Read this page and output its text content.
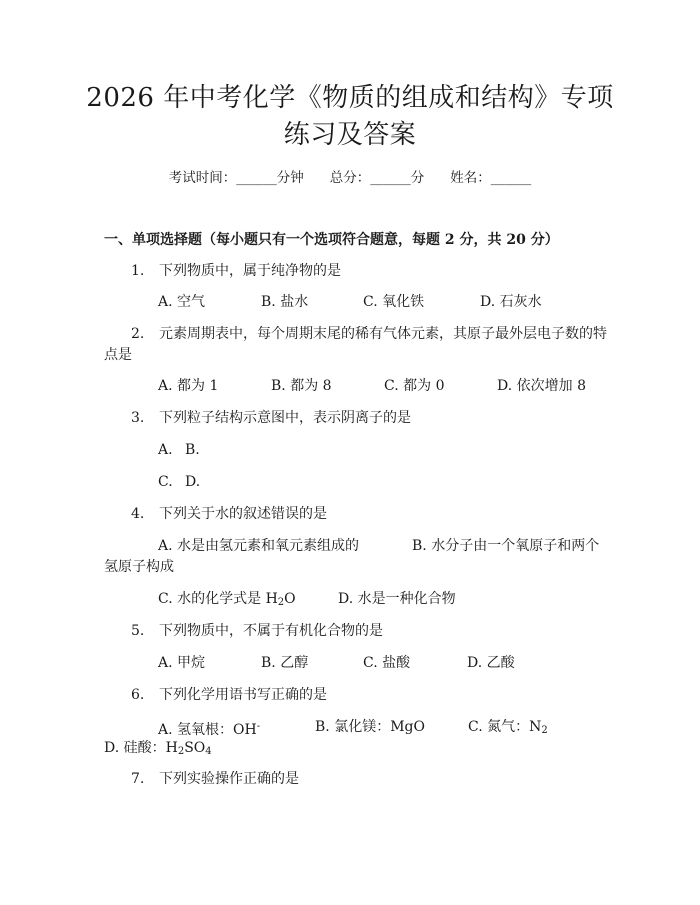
2026 年中考化学《物质的组成和结构》专项
练习及答案
考试时间：______分钟 总分：______分 姓名：______
一、单项选择题（每小题只有一个选项符合题意，每题 2 分，共 20 分）
1. 下列物质中，属于纯净物的是
A. 空气	B. 盐水	C. 氧化铁	D. 石灰水
2. 元素周期表中，每个周期末尾的稀有气体元素，其原子最外层电子数的特
点是
A. 都为 1	B. 都为 8	C. 都为 0	D. 依次增加 8
3. 下列粒子结构示意图中，表示阴离子的是
A. B.
C. D.
4. 下列关于水的叙述错误的是
A. 水是由氢元素和氧元素组成的	B. 水分子由一个氧原子和两个
氢原子构成
C. 水的化学式是 $H_2O$	D. 水是一种化合物
5. 下列物质中，不属于有机化合物的是
A. 甲烷	B. 乙醇	C. 盐酸	D. 乙酸
6. 下列化学用语书写正确的是
A. 氢氧根：OH-	B. 氯化镁：MgO	C. 氮气：$N_2$
D. 硅酸：$H_2SO_4$
7. 下列实验操作正确的是
